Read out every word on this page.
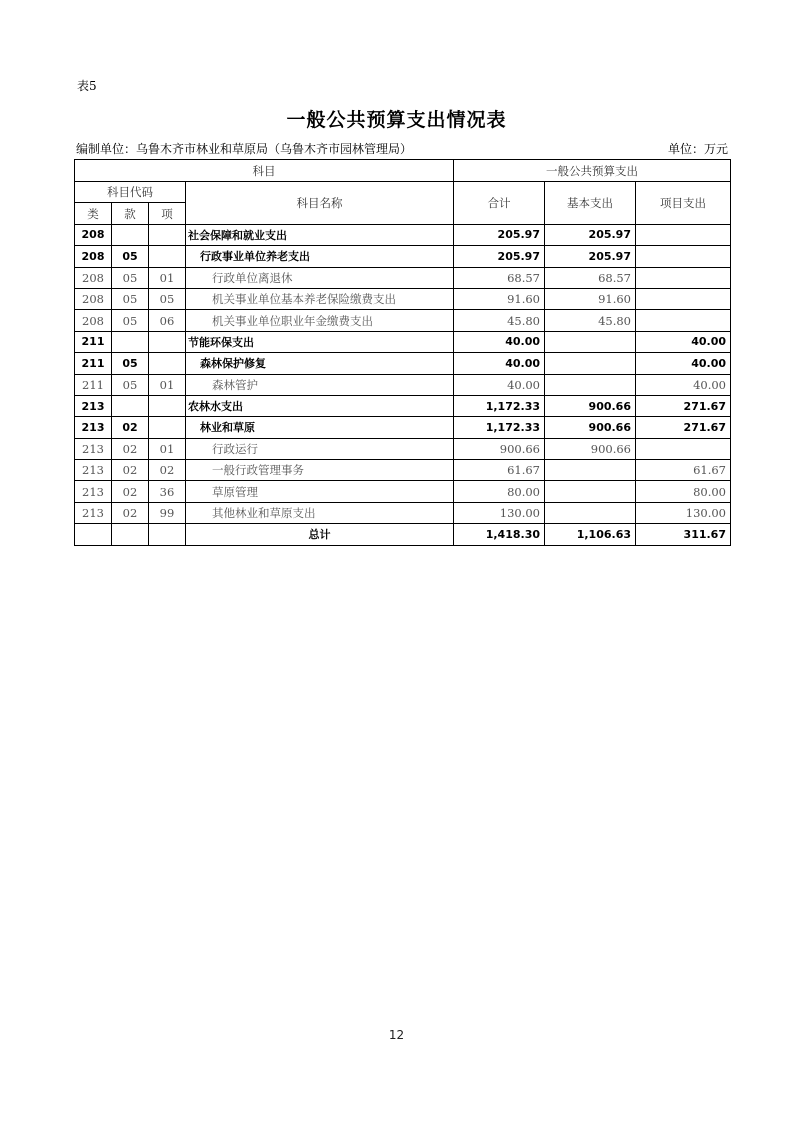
表5
一般公共预算支出情况表
编制单位：乌鲁木齐市林业和草原局（乌鲁木齐市园林管理局）	单位：万元
科目				一般公共预算支出		
科目代码			科目名称	合计	基本支出	项目支出
类	款	项				
208			社会保障和就业支出	205.97	205.97	
208	05		行政事业单位养老支出	205.97	205.97	
208	05	01	行政单位离退休	68.57	68.57	
208	05	05	机关事业单位基本养老保险缴费支出	91.60	91.60	
208	05	06	机关事业单位职业年金缴费支出	45.80	45.80	
211			节能环保支出	40.00		40.00
211	05		森林保护修复	40.00		40.00
211	05	01	森林管护	40.00		40.00
213			农林水支出	1,172.33	900.66	271.67
213	02		林业和草原	1,172.33	900.66	271.67
213	02	01	行政运行	900.66	900.66	
213	02	02	一般行政管理事务	61.67		61.67
213	02	36	草原管理	80.00		80.00
213	02	99	其他林业和草原支出	130.00		130.00
			总计	1,418.30	1,106.63	311.67
12
